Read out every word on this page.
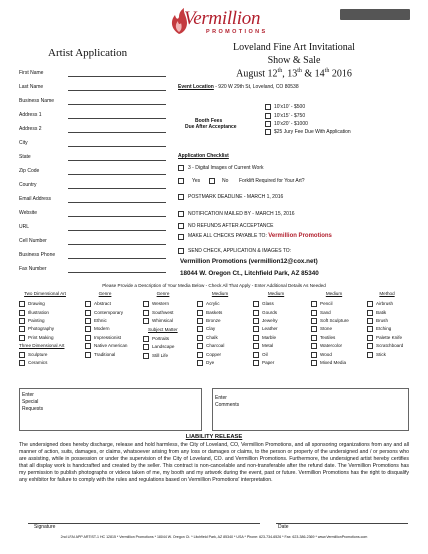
Vermillion
PROMOTIONS
Artist Application	Loveland Fine Art Invitational
Show & Sale
August 12th, 13th & 14th 2016
First Name
Last Name
Business Name
Address 1
Address 2
City
State
Zip Code
Country
Email Address
Website
URL
Cell Number
Business Phone
Fax Number
Event Location - 920 W 29th St, Loveland, CO 80538
Booth Fees
Due After Acceptance
10'x10' - $500
10'x15' - $750
10'x20' - $1000
$25 Jury Fee Due With Application
Application Checklist
3 - Digital Images of Current Work
Yes	No Forklift Required for Your Art?
POSTMARK DEADLINE - MARCH 1, 2016
NOTIFICATION MAILED BY - MARCH 15, 2016
NO REFUNDS AFTER ACCEPTANCE
MAKE ALL CHECKS PAYABLE TO: Vermillion Promotions
SEND CHECK, APPLICATION & IMAGES TO:
Vermillion Promotions (vermillion12@cox.net)
18044 W. Oregon Ct., Litchfield Park, AZ 85340
Please Provide a Description of Your Media Below - Check All That Apply - Enter Additional Details As Needed
Two Dimensional Art
Drawing
Illustration
Painting
Photography
Print Making
Three Dimensional Art
Sculpture
Ceramics
Genre
Abstract
Contemporary
Ethnic
Modern
Impressionist
Native American
Traditional
Genre
Western
Southwest
Whimsical
Subject Matter
Portraits
Landscape
Still Life
Medium
Acrylic
Baskets
Bronze
Clay
Chalk
Charcoal
Copper
Dye
Medium
Glass
Gourds
Jewelry
Leather
Marble
Metal
Oil
Paper
Medium
Pencil
Sand
Soft Sculpture
Stone
Textiles
Watercolor
Wood
Mixed Media
Method
Airbrush
Batik
Brush
Etching
Palette Knife
Scratchboard
Stick
Enter
Special
Requests
Enter
Comments
LIABILITY RELEASE
The undersigned does hereby discharge, release and hold harmless, the City of Loveland, CO, Vermillion Promotions, and all sponsoring organizations from any and all manner of action, suits, damages, or claims, whatsoever arising from any loss or damages or claims, to the person or property of the undersigned and / or persons who are assisting, while in possession or under the supervision of the City of Loveland, CO. and Vermillion Promotions. Furthermore, the undersigned artist hereby certifies that all display work is handcrafted and created by the seller. This contract is non-cancelable and non-transferable after the refund date. The Vermillion Promotions has my permission to publish photographs or videos taken of me, my booth and my artwork during the event, past or future. Vermillion Promotions has the right to disqualify any exhibitor for failure to comply with the rules and regulations based on Vermillion Promotions' interpretation.
Signature	Date
2nd LFAI APP ARTIST-1 HC 12815 * Vermillion Promotions * 18044 W. Oregon Ct. * Litchfield Park, AZ 85340 * USA * Phone: 623-734-6526 * Fax: 623-386-2369 * www.VermillionPromotions.com
